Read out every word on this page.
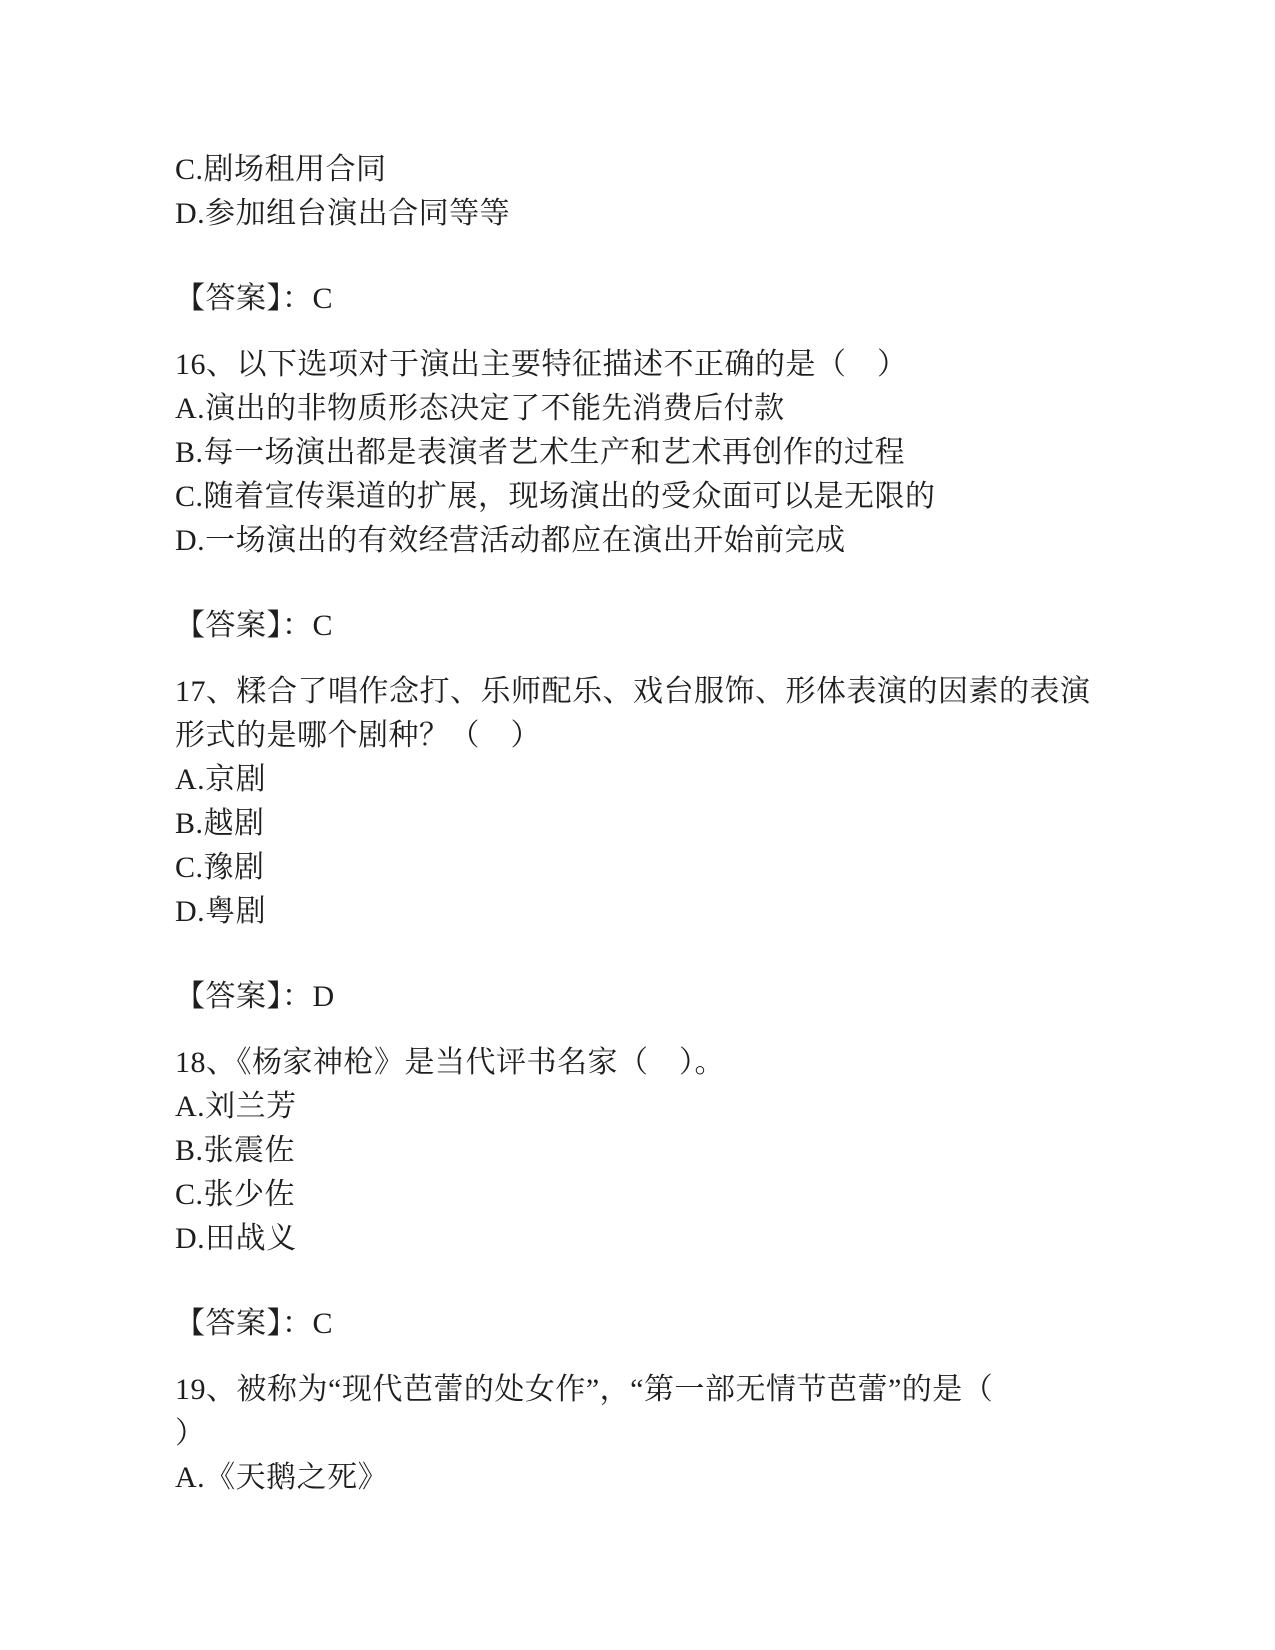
C.剧场租用合同
D.参加组台演出合同等等
【答案】：C
16、以下选项对于演出主要特征描述不正确的是（　）
A.演出的非物质形态决定了不能先消费后付款
B.每一场演出都是表演者艺术生产和艺术再创作的过程
C.随着宣传渠道的扩展，现场演出的受众面可以是无限的
D.一场演出的有效经营活动都应在演出开始前完成
【答案】：C
17、糅合了唱作念打、乐师配乐、戏台服饰、形体表演的因素的表演
形式的是哪个剧种？（　）
A.京剧
B.越剧
C.豫剧
D.粤剧
【答案】：D
18、《杨家神枪》是当代评书名家（　）。
A.刘兰芳
B.张震佐
C.张少佐
D.田战义
【答案】：C
19、被称为“现代芭蕾的处女作”，“第一部无情节芭蕾”的是（
）
A.《天鹅之死》
